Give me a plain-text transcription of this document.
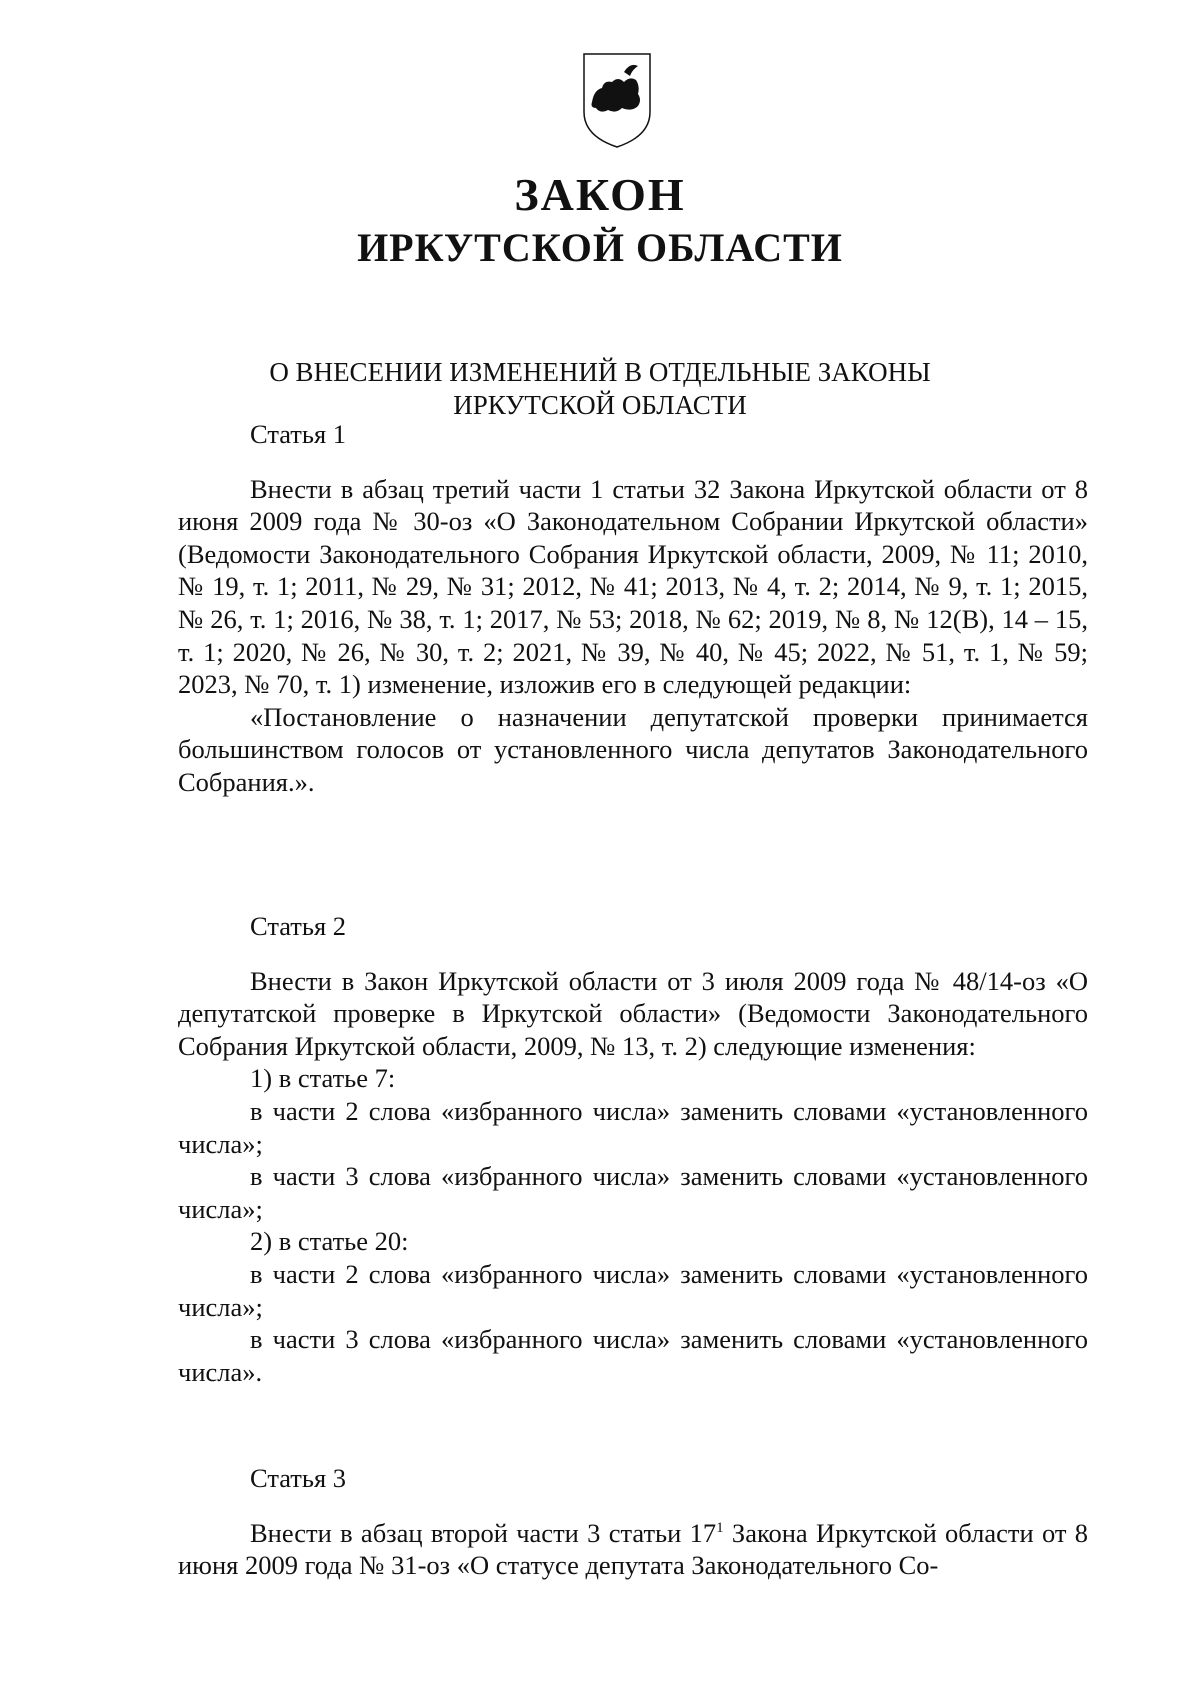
ЗАКОН
ИРКУТСКОЙ ОБЛАСТИ
О ВНЕСЕНИИ ИЗМЕНЕНИЙ В ОТДЕЛЬНЫЕ ЗАКОНЫ
ИРКУТСКОЙ ОБЛАСТИ

Статья 1

Внести в абзац третий части 1 статьи 32 Закона Иркутской области от 8 июня 2009 года № 30-оз «О Законодательном Собрании Иркутской области» (Ведомости Законодательного Собрания Иркутской области, 2009, № 11; 2010, № 19, т. 1; 2011, № 29, № 31; 2012, № 41; 2013, № 4, т. 2; 2014, № 9, т. 1; 2015, № 26, т. 1; 2016, № 38, т. 1; 2017, № 53; 2018, № 62; 2019, № 8, № 12(В), 14 – 15, т. 1; 2020, № 26, № 30, т. 2; 2021, № 39, № 40, № 45; 2022, № 51, т. 1, № 59; 2023, № 70, т. 1) изменение, изложив его в следующей редакции:

«Постановление о назначении депутатской проверки принимается большинством голосов от установленного числа депутатов Законодательного Собрания.».

Статья 2

Внести в Закон Иркутской области от 3 июля 2009 года № 48/14-оз «О депутатской проверке в Иркутской области» (Ведомости Законодательного Собрания Иркутской области, 2009, № 13, т. 2) следующие изменения:

1) в статье 7:

в части 2 слова «избранного числа» заменить словами «установленного числа»;

в части 3 слова «избранного числа» заменить словами «установленного числа»;

2) в статье 20:

в части 2 слова «избранного числа» заменить словами «установленного числа»;

в части 3 слова «избранного числа» заменить словами «установленного числа».

Статья 3

Внести в абзац второй части 3 статьи $17^1$ Закона Иркутской области от 8 июня 2009 года № 31-оз «О статусе депутата Законодательного Со-
